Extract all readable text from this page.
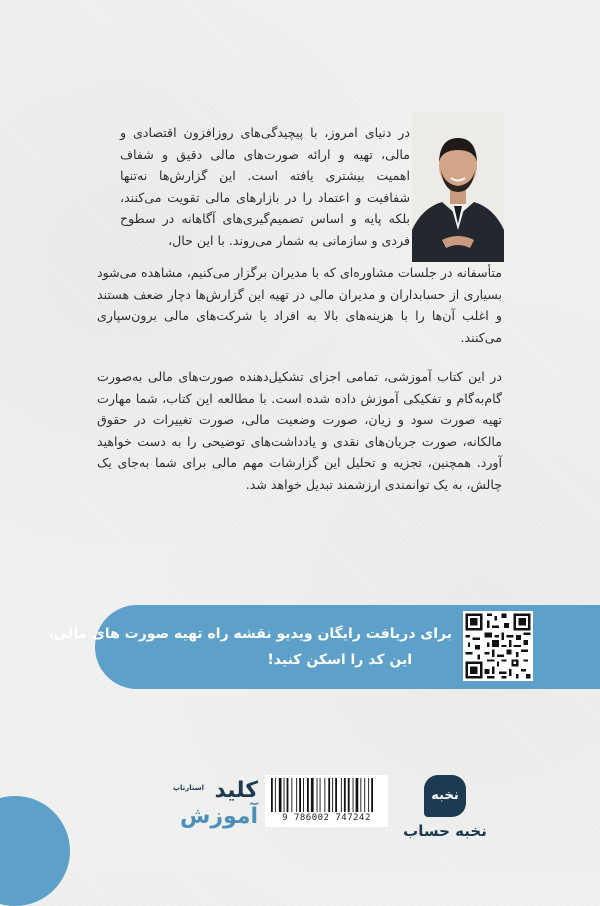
در دنیای امروز، با پیچیدگی‌های روزافزون اقتصادی و مالی، تهیه و ارائه صورت‌های مالی دقیق و شفاف اهمیت بیشتری یافته است. این گزارش‌ها نه‌تنها شفافیت و اعتماد را در بازارهای مالی تقویت می‌کنند، بلکه پایه و اساس تصمیم‌گیری‌های آگاهانه در سطوح فردی و سازمانی به شمار می‌روند. با این حال،

متأسفانه در جلسات مشاوره‌ای که با مدیران برگزار می‌کنیم، مشاهده می‌شود بسیاری از حسابداران و مدیران مالی در تهیه این گزارش‌ها دچار ضعف هستند و اغلب آن‌ها را با هزینه‌های بالا به افراد یا شرکت‌های مالی برون‌سپاری می‌کنند.

در این کتاب آموزشی، تمامی اجزای تشکیل‌دهنده صورت‌های مالی به‌صورت گام‌به‌گام و تفکیکی آموزش داده شده است. با مطالعه این کتاب، شما مهارت تهیه صورت سود و زیان، صورت وضعیت مالی، صورت تغییرات در حقوق مالکانه، صورت جریان‌های نقدی و یادداشت‌های توضیحی را به دست خواهید آورد. همچنین، تجزیه و تحلیل این گزارشات مهم مالی برای شما به‌جای یک چالش، به یک توانمندی ارزشمند تبدیل خواهد شد.

برای دریافت رایگان ویدیو نقشه راه تهیه صورت های مالی،
این کد را اسکن کنید!
استارتاپ کلید
آموزش	9 786002 747242
نخبه
نخبه حساب
